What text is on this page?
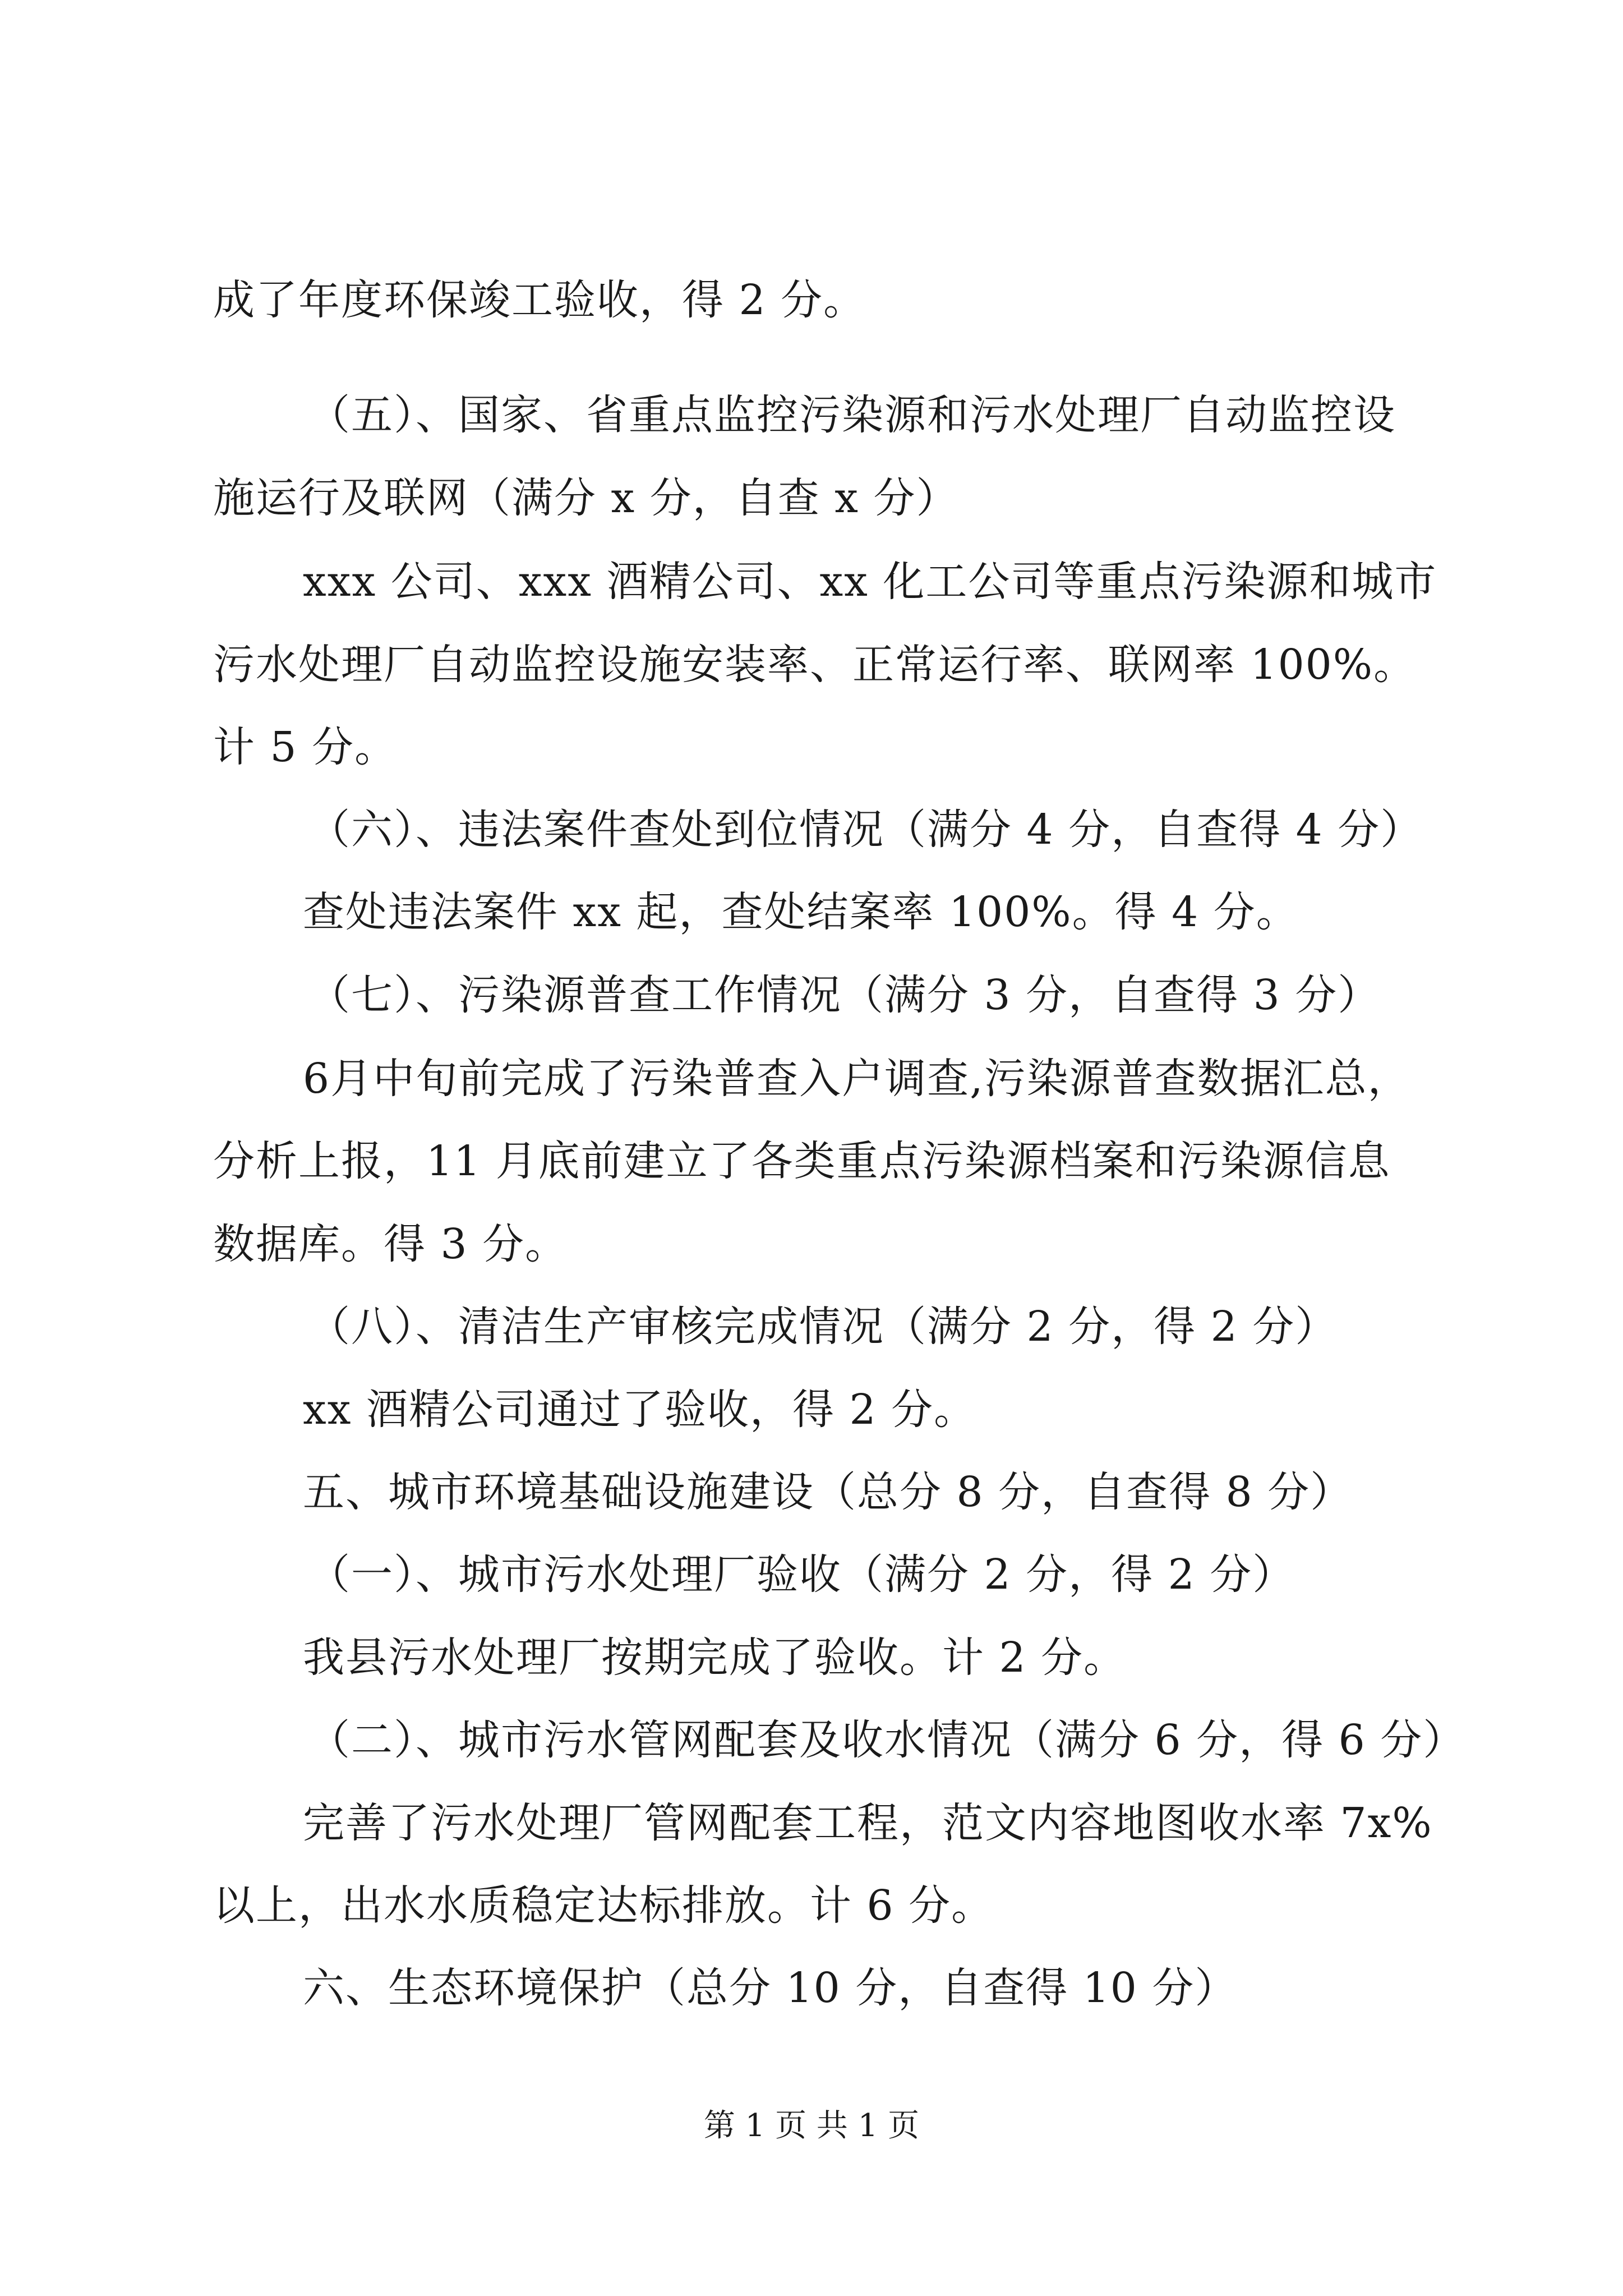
成了年度环保竣工验收，得 2 分。
（五）、国家、省重点监控污染源和污水处理厂自动监控设
施运行及联网（满分 x 分，自查 x 分）
xxx 公司、xxx 酒精公司、xx 化工公司等重点污染源和城市
污水处理厂自动监控设施安装率、正常运行率、联网率 100%。
计 5 分。
（六）、违法案件查处到位情况（满分 4 分，自查得 4 分）
查处违法案件 xx 起，查处结案率 100%。得 4 分。
（七）、污染源普查工作情况（满分 3 分，自查得 3 分）
6月中旬前完成了污染普查入户调查,污染源普查数据汇总，
分析上报，11 月底前建立了各类重点污染源档案和污染源信息
数据库。得 3 分。
（八）、清洁生产审核完成情况（满分 2 分，得 2 分）
xx 酒精公司通过了验收，得 2 分。
五、城市环境基础设施建设（总分 8 分，自查得 8 分）
（一）、城市污水处理厂验收（满分 2 分，得 2 分）
我县污水处理厂按期完成了验收。计 2 分。
（二）、城市污水管网配套及收水情况（满分 6 分，得 6 分）
完善了污水处理厂管网配套工程，范文内容地图收水率 7x%
以上，出水水质稳定达标排放。计 6 分。
六、生态环境保护（总分 10 分，自查得 10 分）
第 1 页 共 1 页
